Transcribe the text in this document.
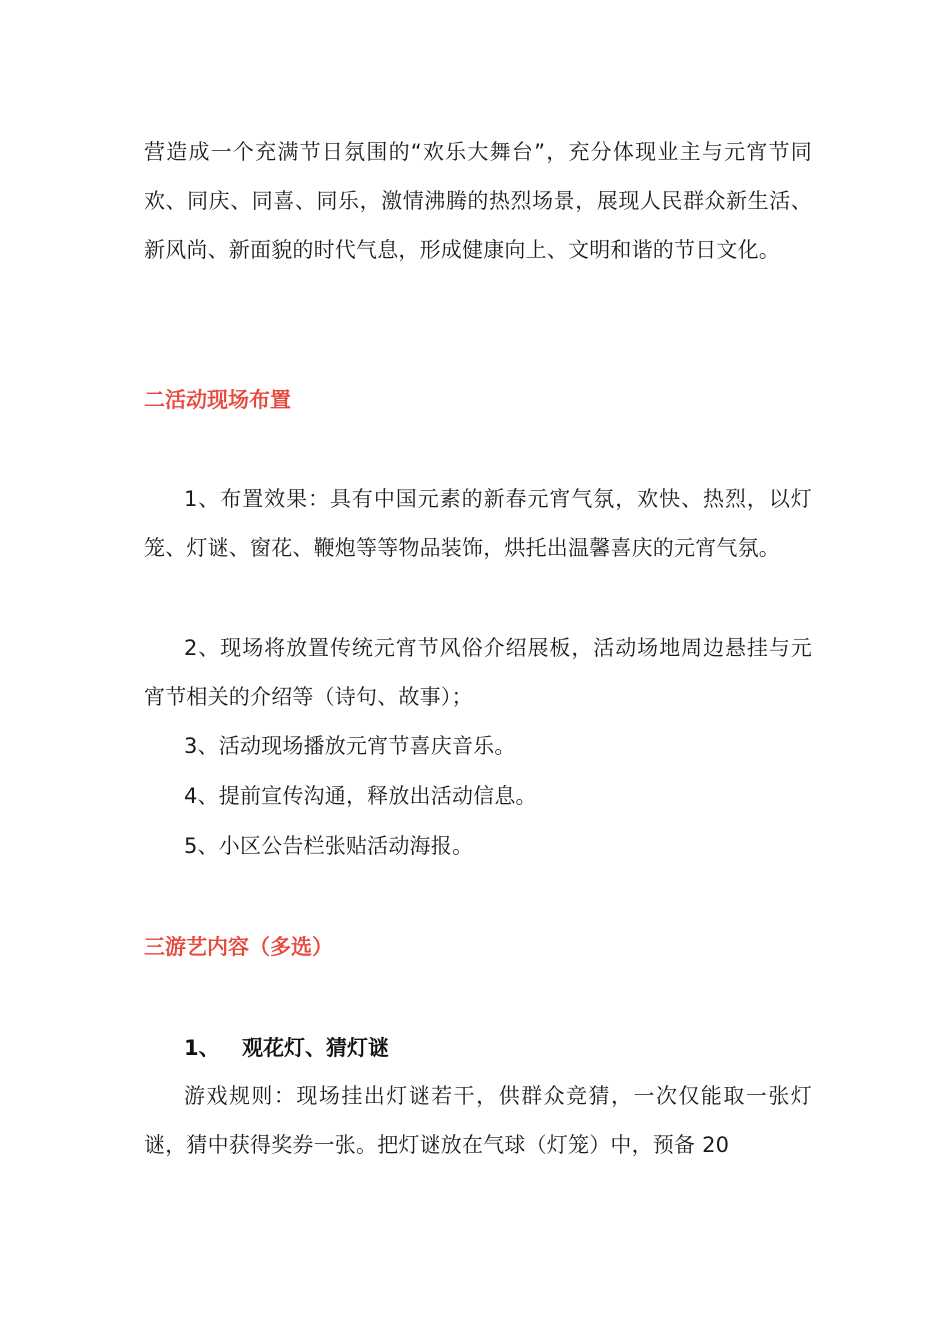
营造成一个充满节日氛围的“欢乐大舞台”，充分体现业主与元宵节同欢、同庆、同喜、同乐，激情沸腾的热烈场景，展现人民群众新生活、新风尚、新面貌的时代气息，形成健康向上、文明和谐的节日文化。

二活动现场布置

1、布置效果：具有中国元素的新春元宵气氛，欢快、热烈，以灯笼、灯谜、窗花、鞭炮等等物品装饰，烘托出温馨喜庆的元宵气氛。

2、现场将放置传统元宵节风俗介绍展板，活动场地周边悬挂与元宵节相关的介绍等（诗句、故事）；

3、活动现场播放元宵节喜庆音乐。

4、提前宣传沟通，释放出活动信息。

5、小区公告栏张贴活动海报。

三游艺内容（多选）
1、 观花灯、猜灯谜

游戏规则：现场挂出灯谜若干，供群众竞猜，一次仅能取一张灯谜，猜中获得奖券一张。把灯谜放在气球（灯笼）中，预备 20
